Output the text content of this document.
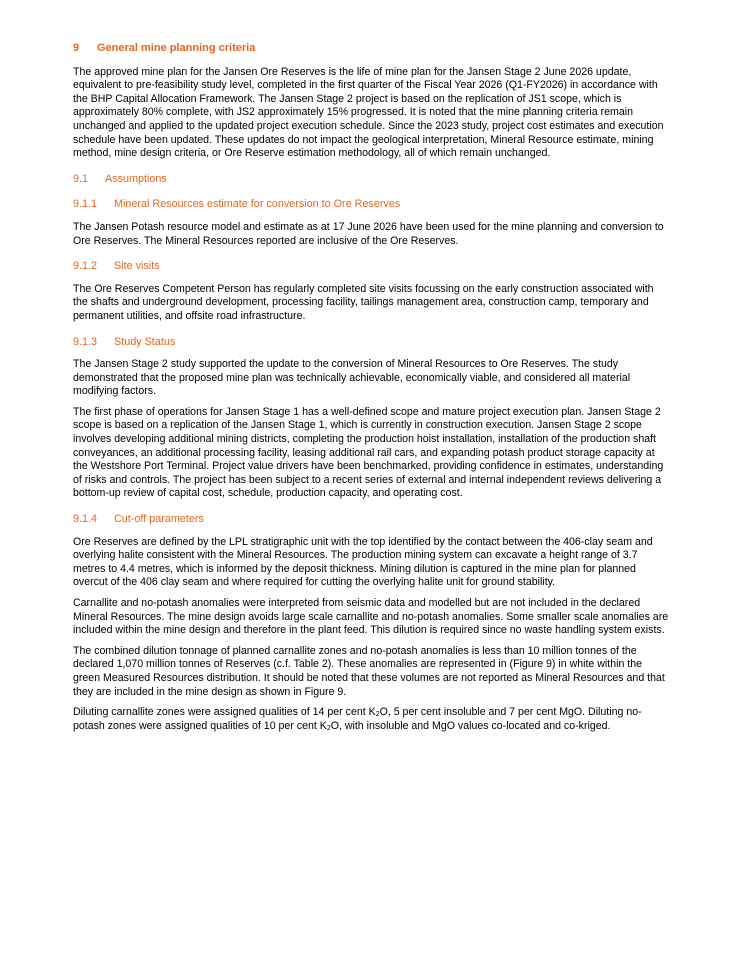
9 General mine planning criteria

The approved mine plan for the Jansen Ore Reserves is the life of mine plan for the Jansen Stage 2 June 2026 update, equivalent to pre-feasibility study level, completed in the first quarter of the Fiscal Year 2026 (Q1-FY2026) in accordance with the BHP Capital Allocation Framework. The Jansen Stage 2 project is based on the replication of JS1 scope, which is approximately 80% complete, with JS2 approximately 15% progressed. It is noted that the mine planning criteria remain unchanged and applied to the updated project execution schedule. Since the 2023 study, project cost estimates and execution schedule have been updated. These updates do not impact the geological interpretation, Mineral Resource estimate, mining method, mine design criteria, or Ore Reserve estimation methodology, all of which remain unchanged.

9.1 Assumptions
9.1.1 Mineral Resources estimate for conversion to Ore Reserves

The Jansen Potash resource model and estimate as at 17 June 2026 have been used for the mine planning and conversion to Ore Reserves. The Mineral Resources reported are inclusive of the Ore Reserves.

9.1.2 Site visits

The Ore Reserves Competent Person has regularly completed site visits focussing on the early construction associated with the shafts and underground development, processing facility, tailings management area, construction camp, temporary and permanent utilities, and offsite road infrastructure.

9.1.3 Study Status

The Jansen Stage 2 study supported the update to the conversion of Mineral Resources to Ore Reserves. The study demonstrated that the proposed mine plan was technically achievable, economically viable, and considered all material modifying factors.

The first phase of operations for Jansen Stage 1 has a well-defined scope and mature project execution plan. Jansen Stage 2 scope is based on a replication of the Jansen Stage 1, which is currently in construction execution. Jansen Stage 2 scope involves developing additional mining districts, completing the production hoist installation, installation of the production shaft conveyances, an additional processing facility, leasing additional rail cars, and expanding potash product storage capacity at the Westshore Port Terminal. Project value drivers have been benchmarked, providing confidence in estimates, understanding of risks and controls. The project has been subject to a recent series of external and internal independent reviews delivering a bottom-up review of capital cost, schedule, production capacity, and operating cost.

9.1.4 Cut-off parameters

Ore Reserves are defined by the LPL stratigraphic unit with the top identified by the contact between the 406-clay seam and overlying halite consistent with the Mineral Resources. The production mining system can excavate a height range of 3.7 metres to 4.4 metres, which is informed by the deposit thickness. Mining dilution is captured in the mine plan for planned overcut of the 406 clay seam and where required for cutting the overlying halite unit for ground stability.

Carnallite and no-potash anomalies were interpreted from seismic data and modelled but are not included in the declared Mineral Resources. The mine design avoids large scale carnallite and no-potash anomalies. Some smaller scale anomalies are included within the mine design and therefore in the plant feed. This dilution is required since no waste handling system exists.

The combined dilution tonnage of planned carnallite zones and no-potash anomalies is less than 10 million tonnes of the declared 1,070 million tonnes of Reserves (c.f. Table 2). These anomalies are represented in (Figure 9) in white within the green Measured Resources distribution. It should be noted that these volumes are not reported as Mineral Resources and that they are included in the mine design as shown in Figure 9.

Diluting carnallite zones were assigned qualities of 14 per cent $K_2O$, 5 per cent insoluble and 7 per cent MgO. Diluting no-potash zones were assigned qualities of 10 per cent $K_2O$, with insoluble and MgO values co-located and co-kriged.
